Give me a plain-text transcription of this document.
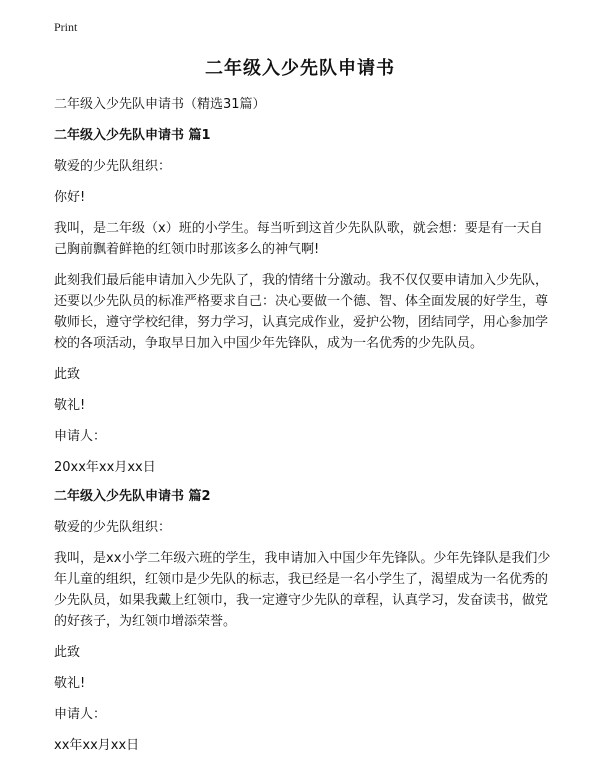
Print
二年级入少先队申请书

二年级入少先队申请书（精选31篇）

二年级入少先队申请书 篇1

敬爱的少先队组织：

你好!

我叫，是二年级（x）班的小学生。每当听到这首少先队队歌，就会想：要是有一天自己胸前飘着鲜艳的红领巾时那该多么的神气啊!

此刻我们最后能申请加入少先队了，我的情绪十分激动。我不仅仅要申请加入少先队，还要以少先队员的标准严格要求自己：决心要做一个德、智、体全面发展的好学生，尊敬师长，遵守学校纪律，努力学习，认真完成作业，爱护公物，团结同学，用心参加学校的各项活动，争取早日加入中国少年先锋队，成为一名优秀的少先队员。

此致

敬礼!

申请人：

20xx年xx月xx日

二年级入少先队申请书 篇2

敬爱的少先队组织：

我叫，是xx小学二年级六班的学生，我申请加入中国少年先锋队。少年先锋队是我们少年儿童的组织，红领巾是少先队的标志，我已经是一名小学生了，渴望成为一名优秀的少先队员，如果我戴上红领巾，我一定遵守少先队的章程，认真学习，发奋读书，做党的好孩子，为红领巾增添荣誉。

此致

敬礼!

申请人：

xx年xx月xx日
